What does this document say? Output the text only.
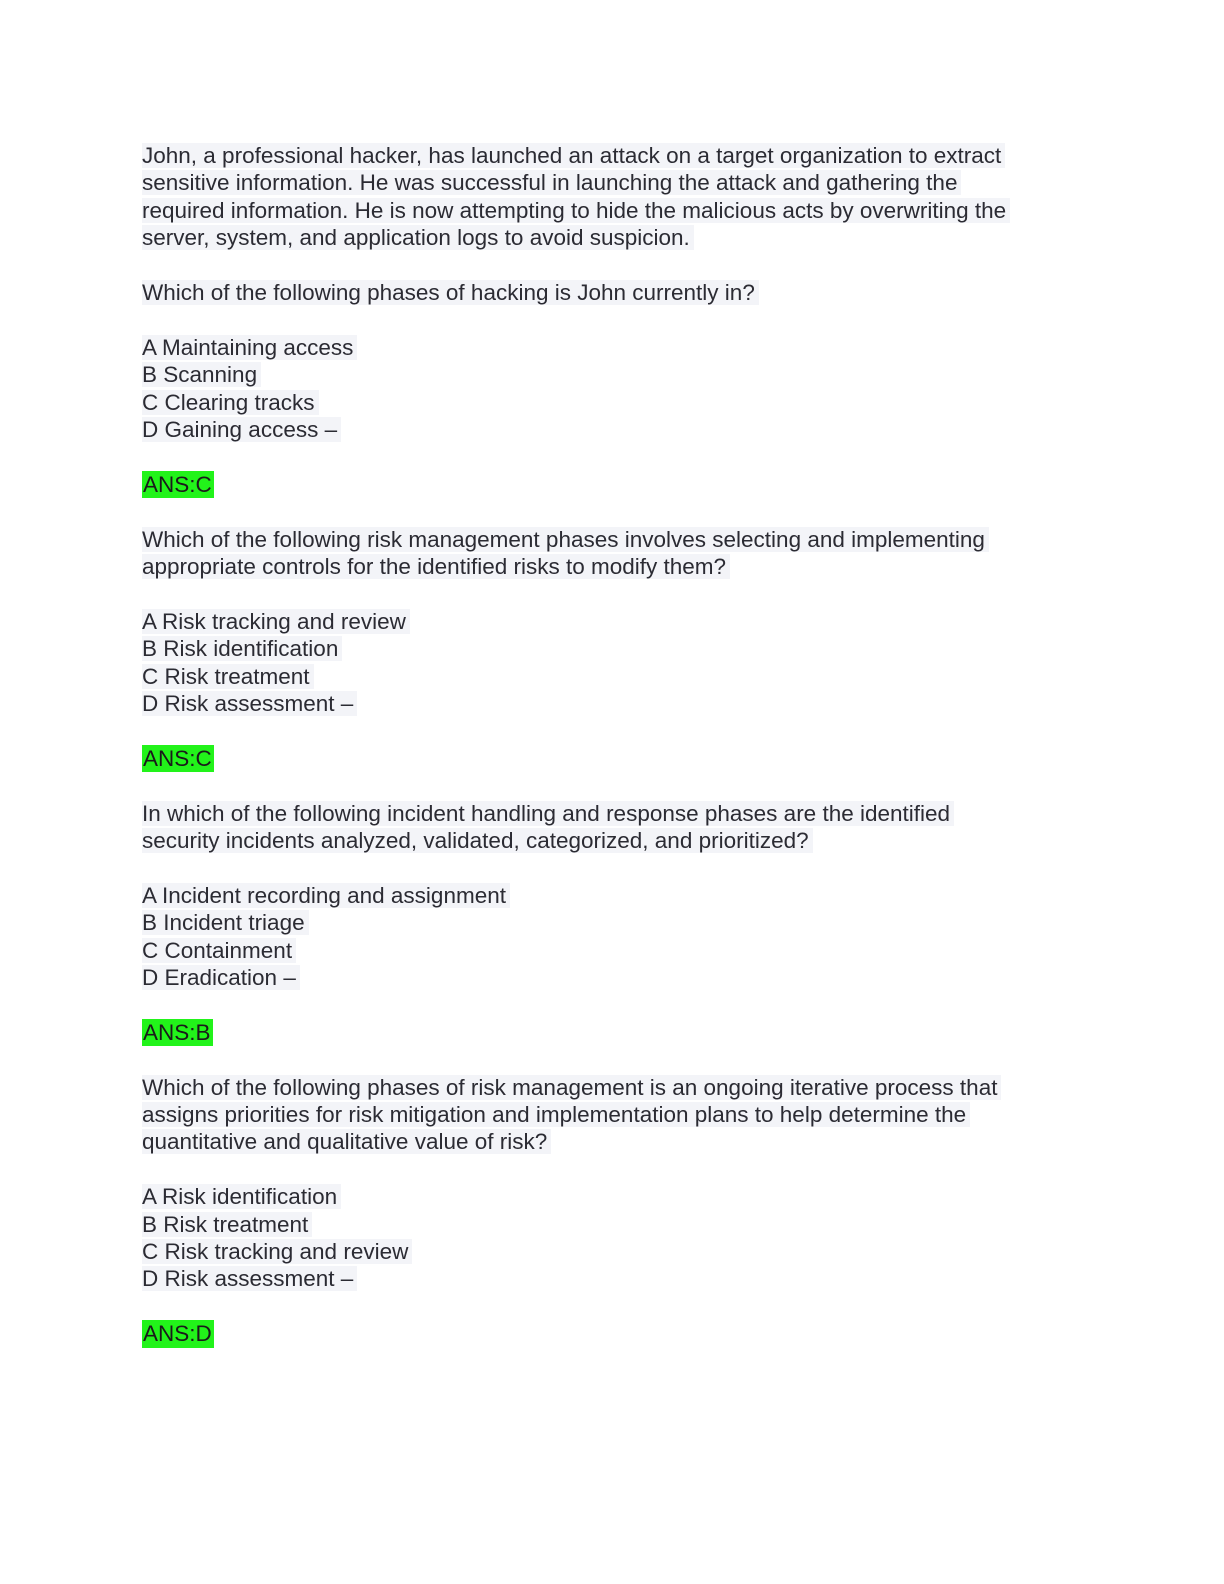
John, a professional hacker, has launched an attack on a target organization to extract
sensitive information. He was successful in launching the attack and gathering the
required information. He is now attempting to hide the malicious acts by overwriting the
server, system, and application logs to avoid suspicion.
Which of the following phases of hacking is John currently in?
A Maintaining access
B Scanning
C Clearing tracks
D Gaining access –
ANS:C
Which of the following risk management phases involves selecting and implementing
appropriate controls for the identified risks to modify them?
A Risk tracking and review
B Risk identification
C Risk treatment
D Risk assessment –
ANS:C
In which of the following incident handling and response phases are the identified
security incidents analyzed, validated, categorized, and prioritized?
A Incident recording and assignment
B Incident triage
C Containment
D Eradication –
ANS:B
Which of the following phases of risk management is an ongoing iterative process that
assigns priorities for risk mitigation and implementation plans to help determine the
quantitative and qualitative value of risk?
A Risk identification
B Risk treatment
C Risk tracking and review
D Risk assessment –
ANS:D
